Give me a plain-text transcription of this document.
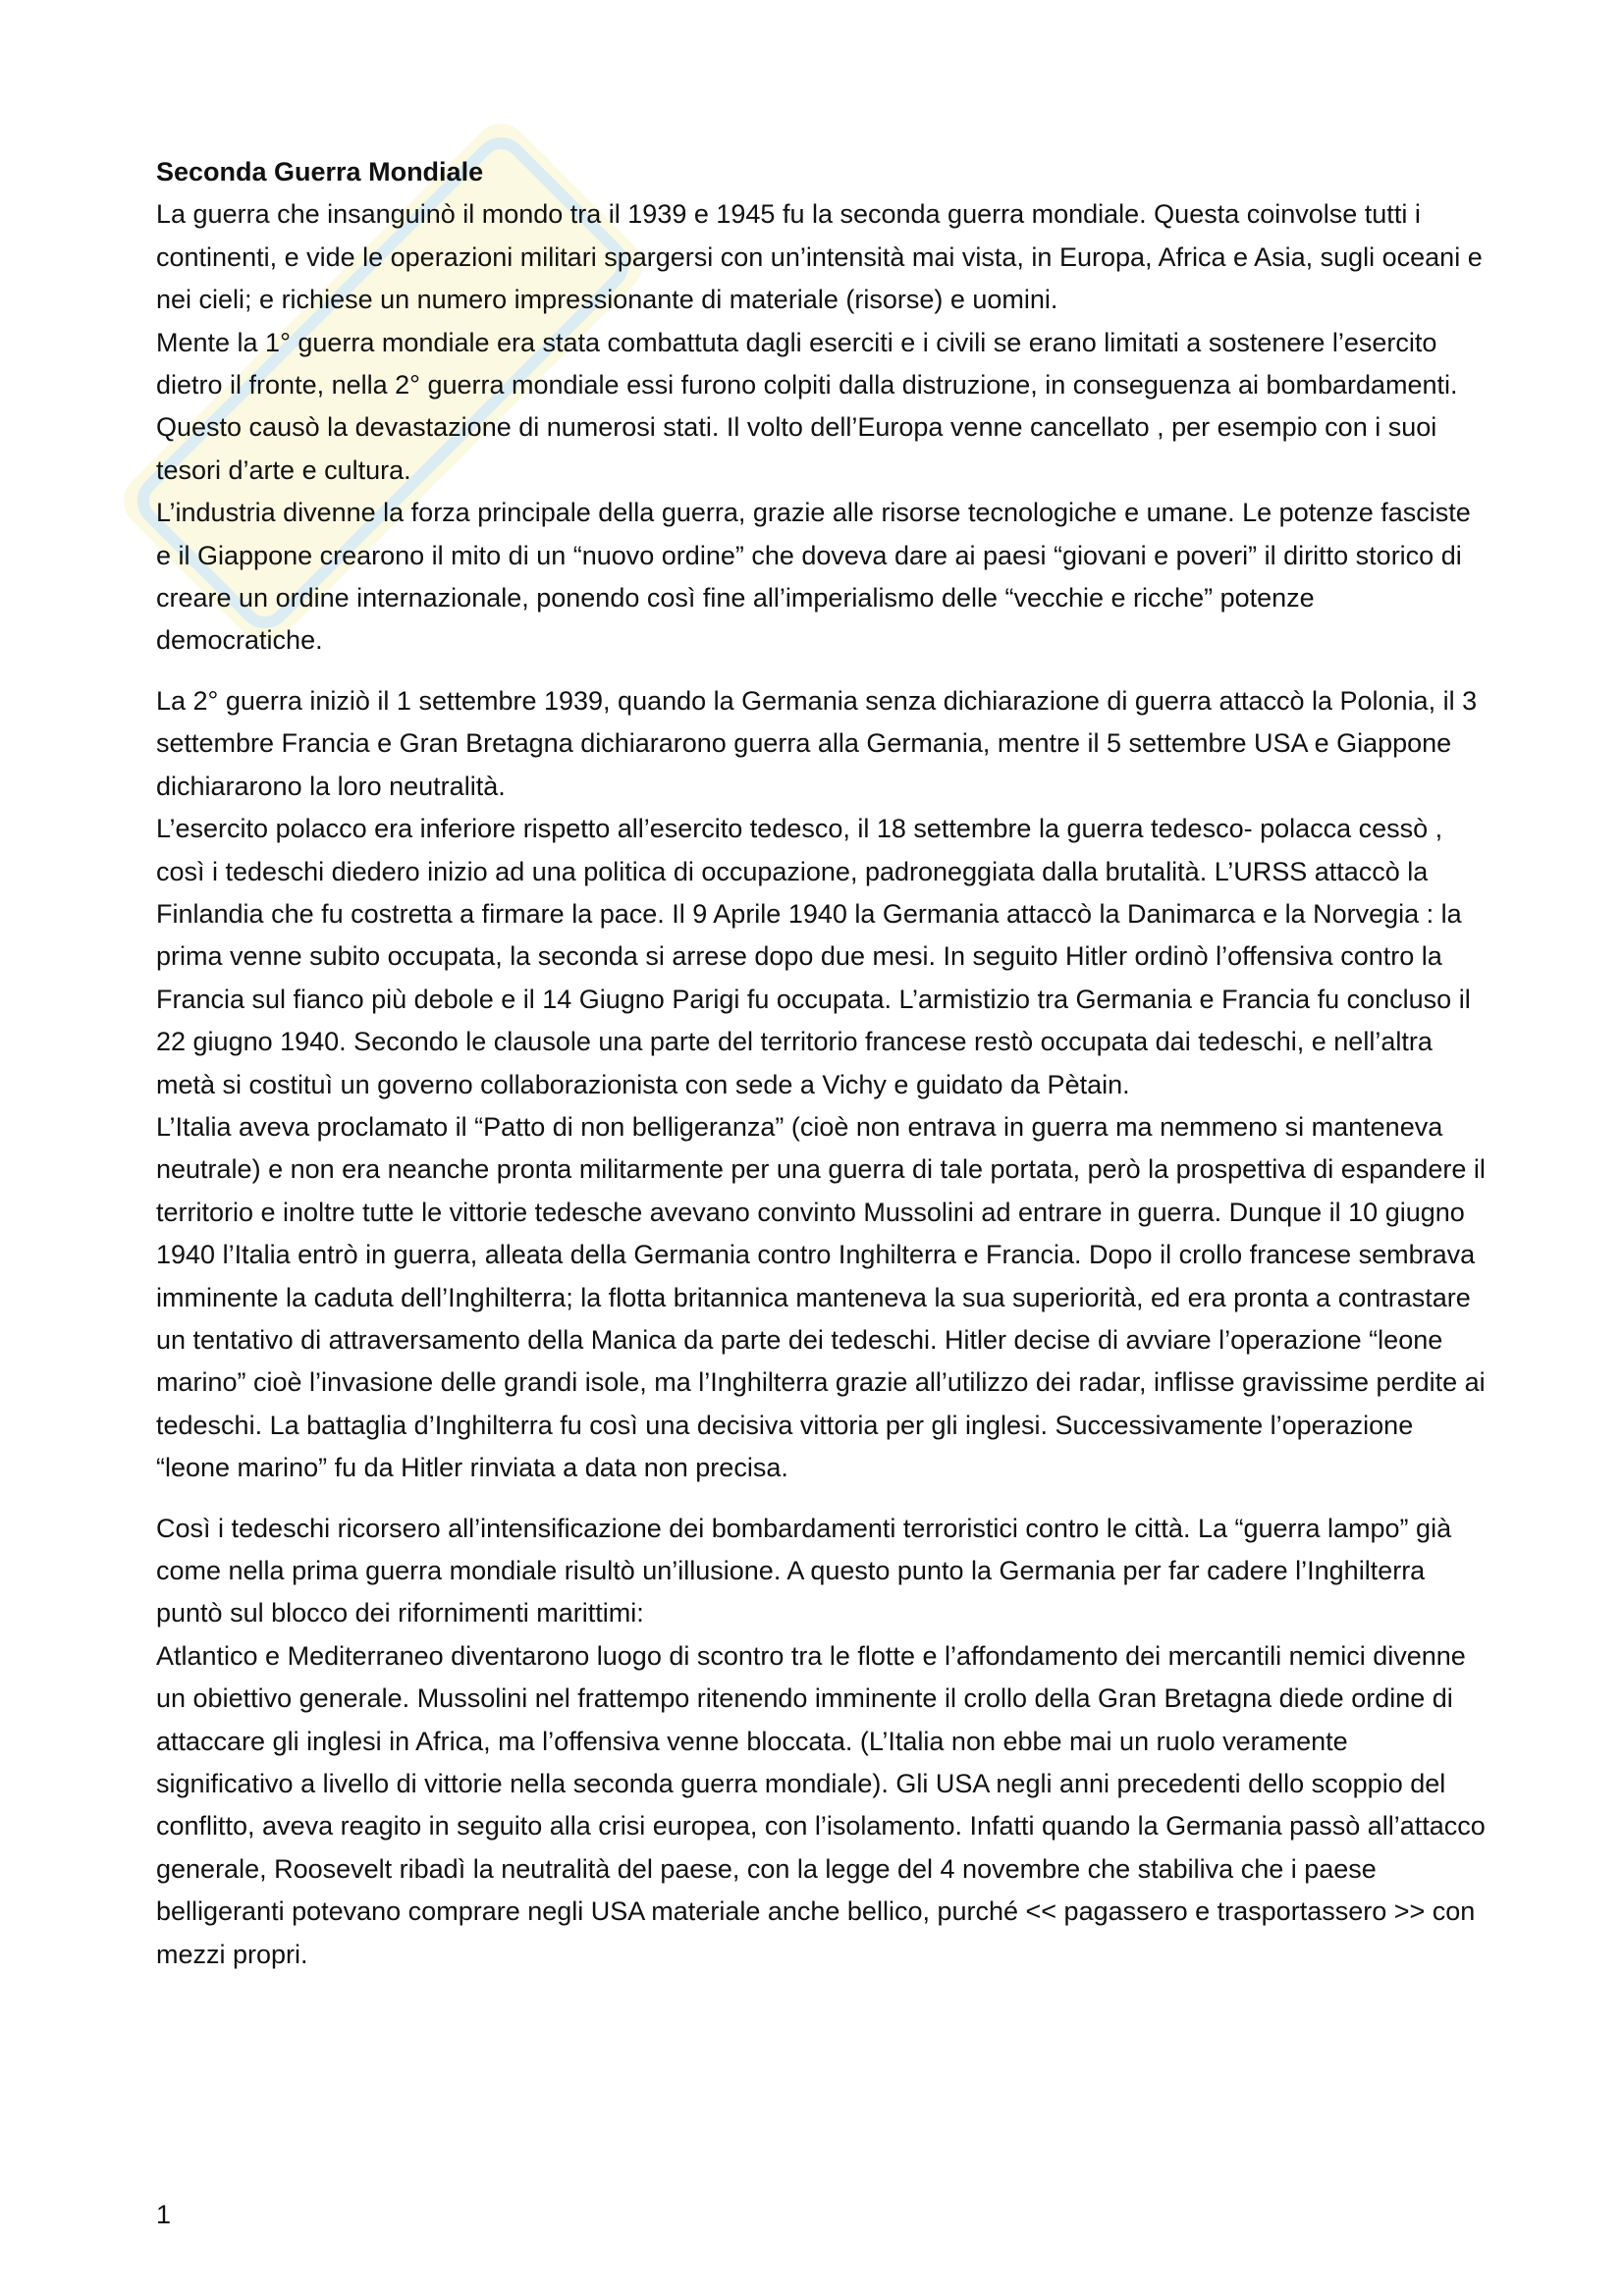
Seconda Guerra Mondiale

La guerra che insanguinò il mondo tra il 1939 e 1945 fu la seconda guerra mondiale. Questa coinvolse tutti i continenti, e vide le operazioni militari spargersi con un’intensità mai vista, in Europa, Africa e Asia, sugli oceani e nei cieli; e richiese un numero impressionante di materiale (risorse) e uomini.

Mente la 1° guerra mondiale era stata combattuta dagli eserciti e i civili se erano limitati a sostenere l’esercito dietro il fronte, nella 2° guerra mondiale essi furono colpiti dalla distruzione, in conseguenza ai bombardamenti. Questo causò la devastazione di numerosi stati. Il volto dell’Europa venne cancellato , per esempio con i suoi tesori d’arte e cultura.

L’industria divenne la forza principale della guerra, grazie alle risorse tecnologiche e umane. Le potenze fasciste e il Giappone crearono il mito di un “nuovo ordine” che doveva dare ai paesi “giovani e poveri” il diritto storico di creare un ordine internazionale, ponendo così fine all’imperialismo delle “vecchie e ricche” potenze democratiche.

La 2° guerra iniziò il 1 settembre 1939, quando la Germania senza dichiarazione di guerra attaccò la Polonia, il 3 settembre Francia e Gran Bretagna dichiararono guerra alla Germania, mentre il 5 settembre USA e Giappone dichiararono la loro neutralità.

L’esercito polacco era inferiore rispetto all’esercito tedesco, il 18 settembre la guerra tedesco- polacca cessò , così i tedeschi diedero inizio ad una politica di occupazione, padroneggiata dalla brutalità. L’URSS attaccò la Finlandia che fu costretta a firmare la pace. Il 9 Aprile 1940 la Germania attaccò la Danimarca e la Norvegia : la prima venne subito occupata, la seconda si arrese dopo due mesi. In seguito Hitler ordinò l’offensiva contro la Francia sul fianco più debole e il 14 Giugno Parigi fu occupata. L’armistizio tra Germania e Francia fu concluso il 22 giugno 1940. Secondo le clausole una parte del territorio francese restò occupata dai tedeschi, e nell’altra metà si costituì un governo collaborazionista con sede a Vichy e guidato da Pètain.

L’Italia aveva proclamato il “Patto di non belligeranza” (cioè non entrava in guerra ma nemmeno si manteneva neutrale) e non era neanche pronta militarmente per una guerra di tale portata, però la prospettiva di espandere il territorio e inoltre tutte le vittorie tedesche avevano convinto Mussolini ad entrare in guerra. Dunque il 10 giugno 1940 l’Italia entrò in guerra, alleata della Germania contro Inghilterra e Francia. Dopo il crollo francese sembrava imminente la caduta dell’Inghilterra; la flotta britannica manteneva la sua superiorità, ed era pronta a contrastare un tentativo di attraversamento della Manica da parte dei tedeschi. Hitler decise di avviare l’operazione “leone marino” cioè l’invasione delle grandi isole, ma l’Inghilterra grazie all’utilizzo dei radar, inflisse gravissime perdite ai tedeschi. La battaglia d’Inghilterra fu così una decisiva vittoria per gli inglesi. Successivamente l’operazione “leone marino” fu da Hitler rinviata a data non precisa.

Così i tedeschi ricorsero all’intensificazione dei bombardamenti terroristici contro le città. La “guerra lampo” già come nella prima guerra mondiale risultò un’illusione. A questo punto la Germania per far cadere l’Inghilterra puntò sul blocco dei rifornimenti marittimi:

Atlantico e Mediterraneo diventarono luogo di scontro tra le flotte e l’affondamento dei mercantili nemici divenne un obiettivo generale. Mussolini nel frattempo ritenendo imminente il crollo della Gran Bretagna diede ordine di attaccare gli inglesi in Africa, ma l’offensiva venne bloccata. (L’Italia non ebbe mai un ruolo veramente significativo a livello di vittorie nella seconda guerra mondiale). Gli USA negli anni precedenti dello scoppio del conflitto, aveva reagito in seguito alla crisi europea, con l’isolamento. Infatti quando la Germania passò all’attacco generale, Roosevelt ribadì la neutralità del paese, con la legge del 4 novembre che stabiliva che i paese belligeranti potevano comprare negli USA materiale anche bellico, purché << pagassero e trasportassero >> con mezzi propri.

1
